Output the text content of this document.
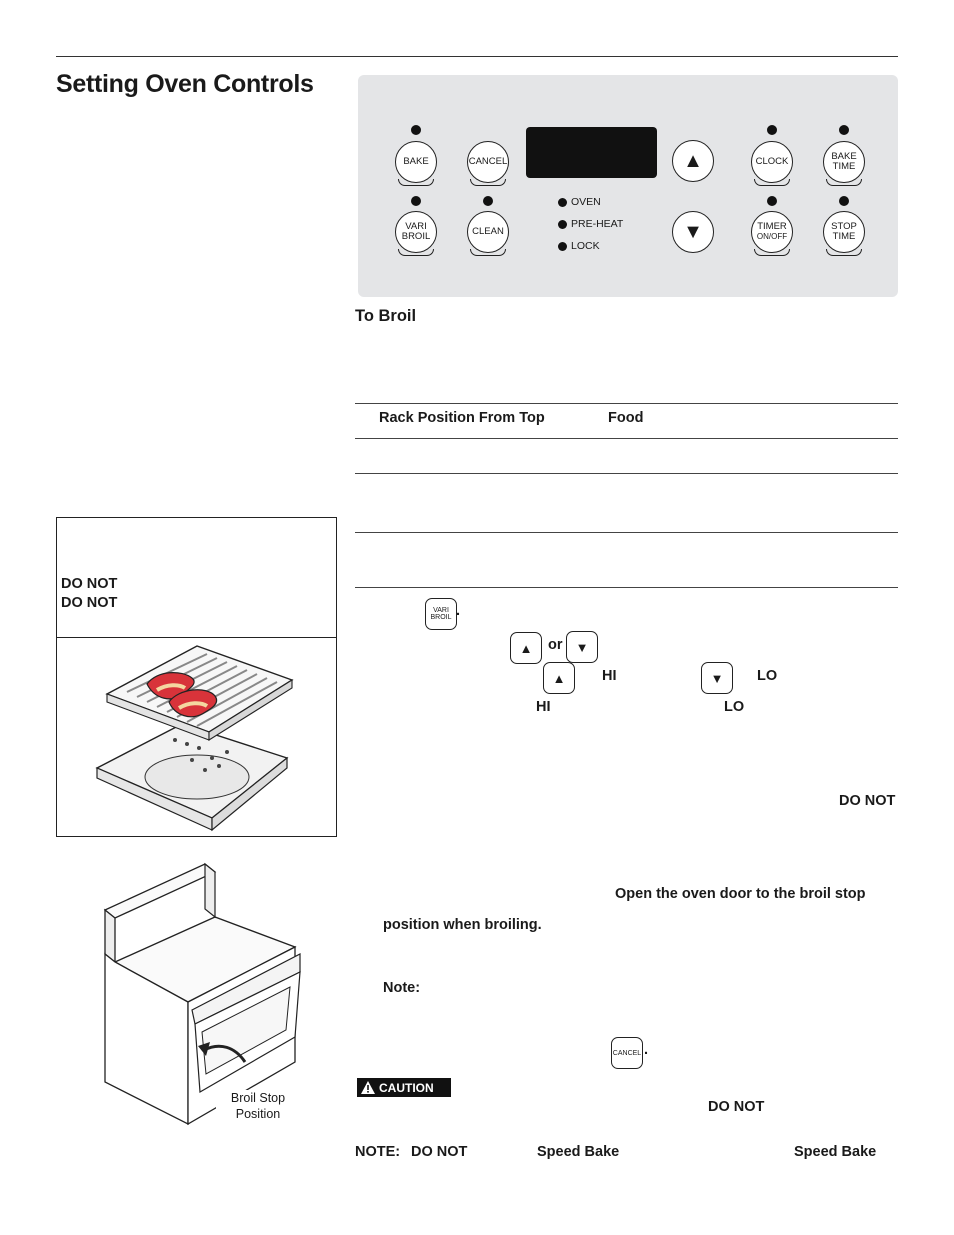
Setting Oven Controls
BAKE	CANCEL	▲	CLOCK	BAKE
TIME
VARI
BROIL	CLEAN
OVEN
PRE-HEAT
LOCK
▼	TIMER
ON/OFF
STOP
TIME
To Broil
Rack Position From Top	Food
VARI
BROIL .
▲	or	▼
▲	HI	▼	LO
HI	LO
DO NOT
Open the oven door to the broil stop
position when broiling.
Note:
CANCEL .
CAUTION
DO NOT
NOTE: DO NOT	Speed Bake	Speed Bake
DO NOT
DO NOT
Broil Stop
Position
